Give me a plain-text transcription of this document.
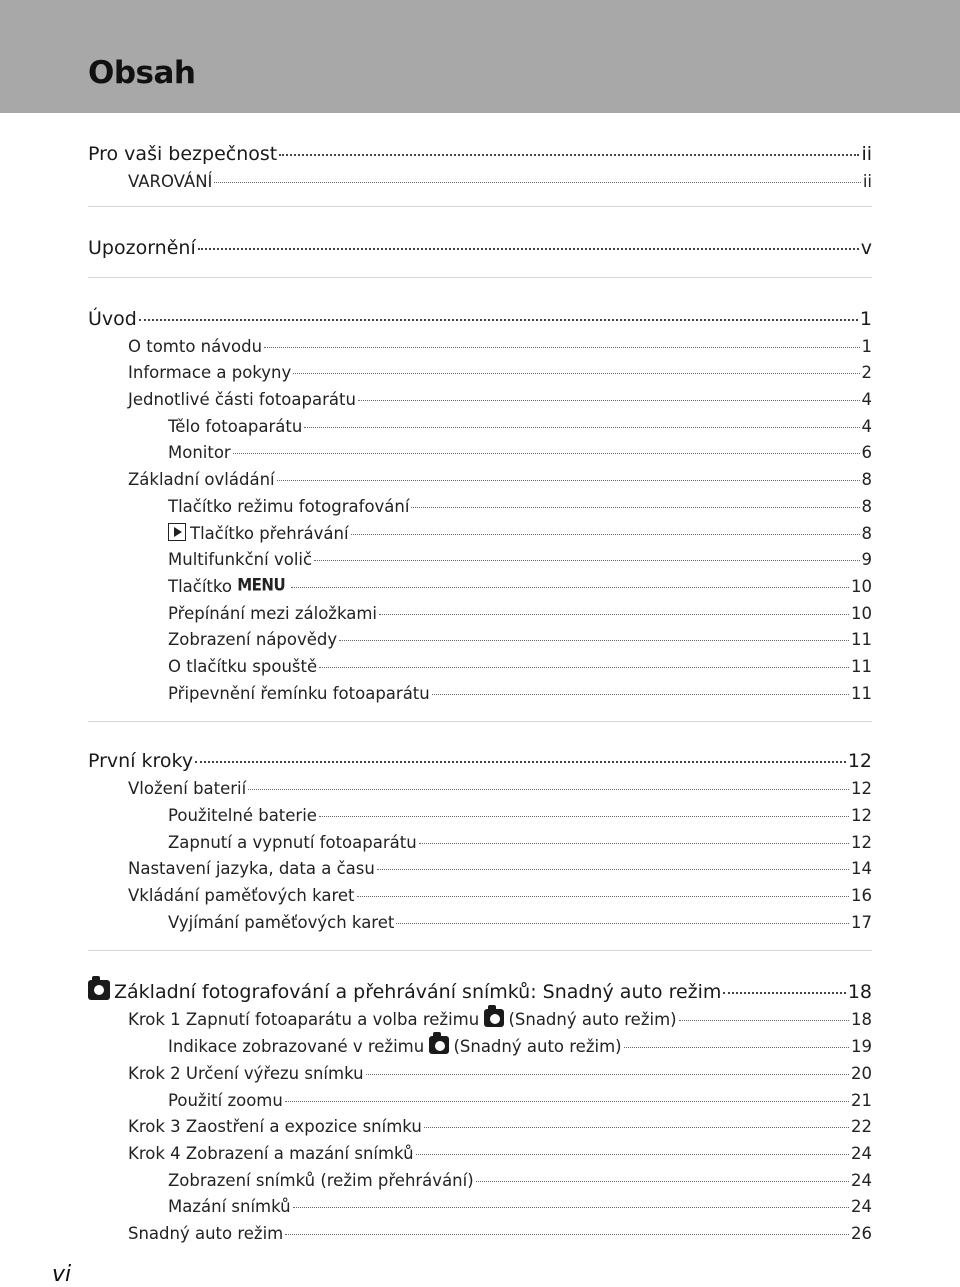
Obsah
Pro vaši bezpečnost	ii
VAROVÁNÍ	ii
Upozornění	v
Úvod	1
O tomto návodu	1
Informace a pokyny	2
Jednotlivé části fotoaparátu	4
Tělo fotoaparátu	4
Monitor	6
Základní ovládání	8
Tlačítko režimu fotografování	8
Tlačítko přehrávání	8
Multifunkční volič	9
Tlačítko MENU	10
Přepínání mezi záložkami	10
Zobrazení nápovědy	11
O tlačítku spouště	11
Připevnění řemínku fotoaparátu	11
První kroky	12
Vložení baterií	12
Použitelné baterie	12
Zapnutí a vypnutí fotoaparátu	12
Nastavení jazyka, data a času	14
Vkládání paměťových karet	16
Vyjímání paměťových karet	17
Základní fotografování a přehrávání snímků: Snadný auto režim	18
Krok 1 Zapnutí fotoaparátu a volba režimu (Snadný auto režim)	18
Indikace zobrazované v režimu (Snadný auto režim)	19
Krok 2 Určení výřezu snímku	20
Použití zoomu	21
Krok 3 Zaostření a expozice snímku	22
Krok 4 Zobrazení a mazání snímků	24
Zobrazení snímků (režim přehrávání)	24
Mazání snímků	24
Snadný auto režim	26
vi
